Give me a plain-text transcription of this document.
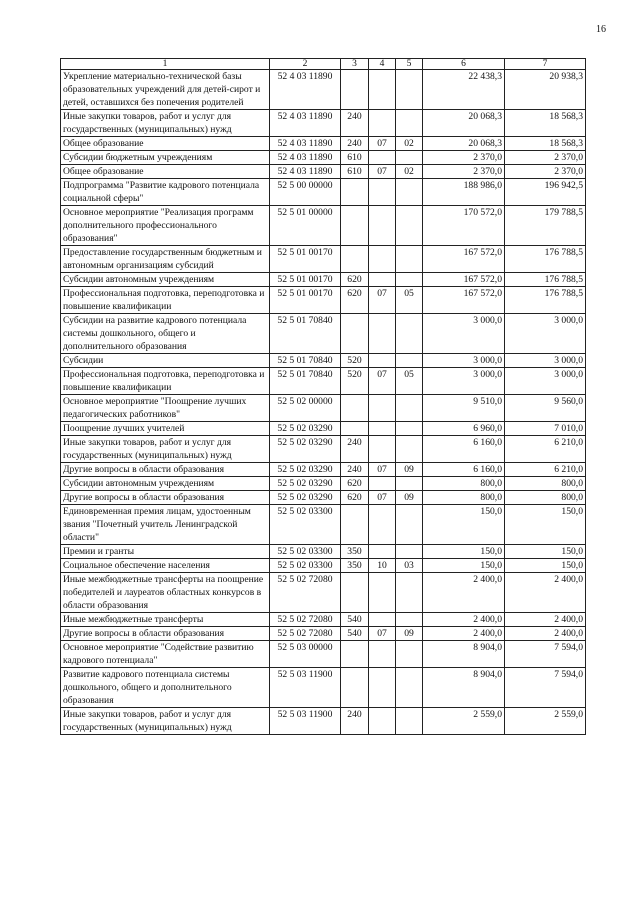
16
1	2	3	4	5	6	7
Укрепление материально-технической базы образовательных учреждений для детей-сирот и детей, оставшихся без попечения родителей	52 4 03 11890				22 438,3	20 938,3
Иные закупки товаров, работ и услуг для государственных (муниципальных) нужд	52 4 03 11890	240			20 068,3	18 568,3
Общее образование	52 4 03 11890	240	07	02	20 068,3	18 568,3
Субсидии бюджетным учреждениям	52 4 03 11890	610			2 370,0	2 370,0
Общее образование	52 4 03 11890	610	07	02	2 370,0	2 370,0
Подпрограмма "Развитие кадрового потенциала социальной сферы"	52 5 00 00000				188 986,0	196 942,5
Основное мероприятие "Реализация программ дополнительного профессионального образования"	52 5 01 00000				170 572,0	179 788,5
Предоставление государственным бюджетным и автономным организациям субсидий	52 5 01 00170				167 572,0	176 788,5
Субсидии автономным учреждениям	52 5 01 00170	620			167 572,0	176 788,5
Профессиональная подготовка, переподготовка и повышение квалификации	52 5 01 00170	620	07	05	167 572,0	176 788,5
Субсидии на развитие кадрового потенциала системы дошкольного, общего и дополнительного образования	52 5 01 70840				3 000,0	3 000,0
Субсидии	52 5 01 70840	520			3 000,0	3 000,0
Профессиональная подготовка, переподготовка и повышение квалификации	52 5 01 70840	520	07	05	3 000,0	3 000,0
Основное мероприятие "Поощрение лучших педагогических работников"	52 5 02 00000				9 510,0	9 560,0
Поощрение лучших учителей	52 5 02 03290				6 960,0	7 010,0
Иные закупки товаров, работ и услуг для государственных (муниципальных) нужд	52 5 02 03290	240			6 160,0	6 210,0
Другие вопросы в области образования	52 5 02 03290	240	07	09	6 160,0	6 210,0
Субсидии автономным учреждениям	52 5 02 03290	620			800,0	800,0
Другие вопросы в области образования	52 5 02 03290	620	07	09	800,0	800,0
Единовременная премия лицам, удостоенным звания "Почетный учитель Ленинградской области"	52 5 02 03300				150,0	150,0
Премии и гранты	52 5 02 03300	350			150,0	150,0
Социальное обеспечение населения	52 5 02 03300	350	10	03	150,0	150,0
Иные межбюджетные трансферты на поощрение победителей и лауреатов областных конкурсов в области образования	52 5 02 72080				2 400,0	2 400,0
Иные межбюджетные трансферты	52 5 02 72080	540			2 400,0	2 400,0
Другие вопросы в области образования	52 5 02 72080	540	07	09	2 400,0	2 400,0
Основное мероприятие "Содействие развитию кадрового потенциала"	52 5 03 00000				8 904,0	7 594,0
Развитие кадрового потенциала системы дошкольного, общего и дополнительного образования	52 5 03 11900				8 904,0	7 594,0
Иные закупки товаров, работ и услуг для государственных (муниципальных) нужд	52 5 03 11900	240			2 559,0	2 559,0
